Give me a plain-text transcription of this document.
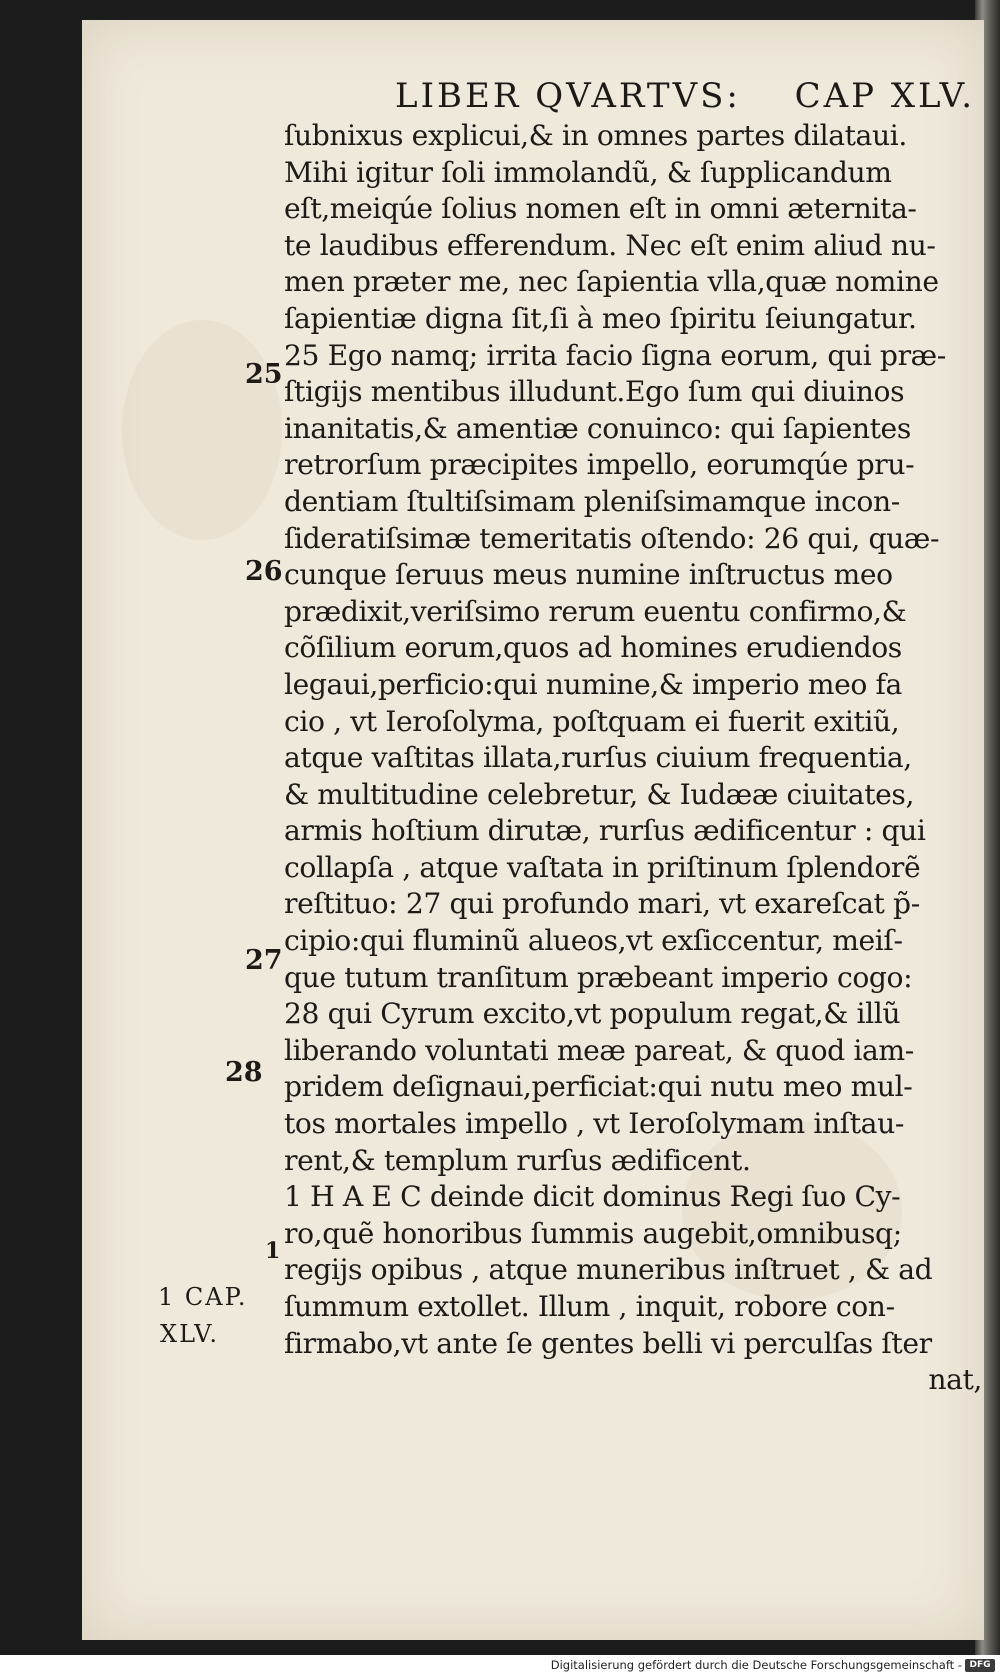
LIBER QVARTVS: CAP XLV.
ſubnixus explicui,& in omnes partes dilataui.
Mihi igitur ſoli immolandũ, & ſupplicandum
eſt,meiqúe ſolius nomen eſt in omni æternita-
te laudibus efferendum. Nec eſt enim aliud nu-
men præter me, nec ſapientia vlla,quæ nomine
ſapientiæ digna ſit,ſi à meo ſpiritu ſeiungatur.
25 Ego namq; irrita facio ſigna eorum, qui præ-
ſtigijs mentibus illudunt.Ego ſum qui diuinos
inanitatis,& amentiæ conuinco: qui ſapientes
retrorſum præcipites impello, eorumqúe pru-
dentiam ſtultiſsimam pleniſsimamque incon-
ſideratiſsimæ temeritatis oſtendo: 26 qui, quæ-
cunque ſeruus meus numine inſtructus meo
prædixit,veriſsimo rerum euentu confirmo,&
cõſilium eorum,quos ad homines erudiendos
legaui,perficio:qui numine,& imperio meo fa
cio , vt Ieroſolyma, poſtquam ei fuerit exitiũ,
atque vaſtitas illata,rurſus ciuium frequentia,
& multitudine celebretur, & Iudææ ciuitates,
armis hoſtium dirutæ, rurſus ædificentur : qui
collapſa , atque vaſtata in priſtinum ſplendorẽ
reſtituo: 27 qui profundo mari, vt exareſcat p̃-
cipio:qui fluminũ alueos,vt exſiccentur, meiſ-
que tutum tranſitum præbeant imperio cogo:
28 qui Cyrum excito,vt populum regat,& illũ
liberando voluntati meæ pareat, & quod iam-
pridem deſignaui,perficiat:qui nutu meo mul-
tos mortales impello , vt Ieroſolymam inſtau-
rent,& templum rurſus ædificent.
1 H A E C deinde dicit dominus Regi ſuo Cy-
ro,quẽ honoribus ſummis augebit,omnibusq;
regijs opibus , atque muneribus inſtruet , & ad
ſummum extollet. Illum , inquit, robore con-
firmabo,vt ante ſe gentes belli vi perculſas ſter
nat,
25
26
27
28
1
1 CAP.
XLV.
Digitalisierung gefördert durch die Deutsche Forschungsgemeinschaft - DFG
